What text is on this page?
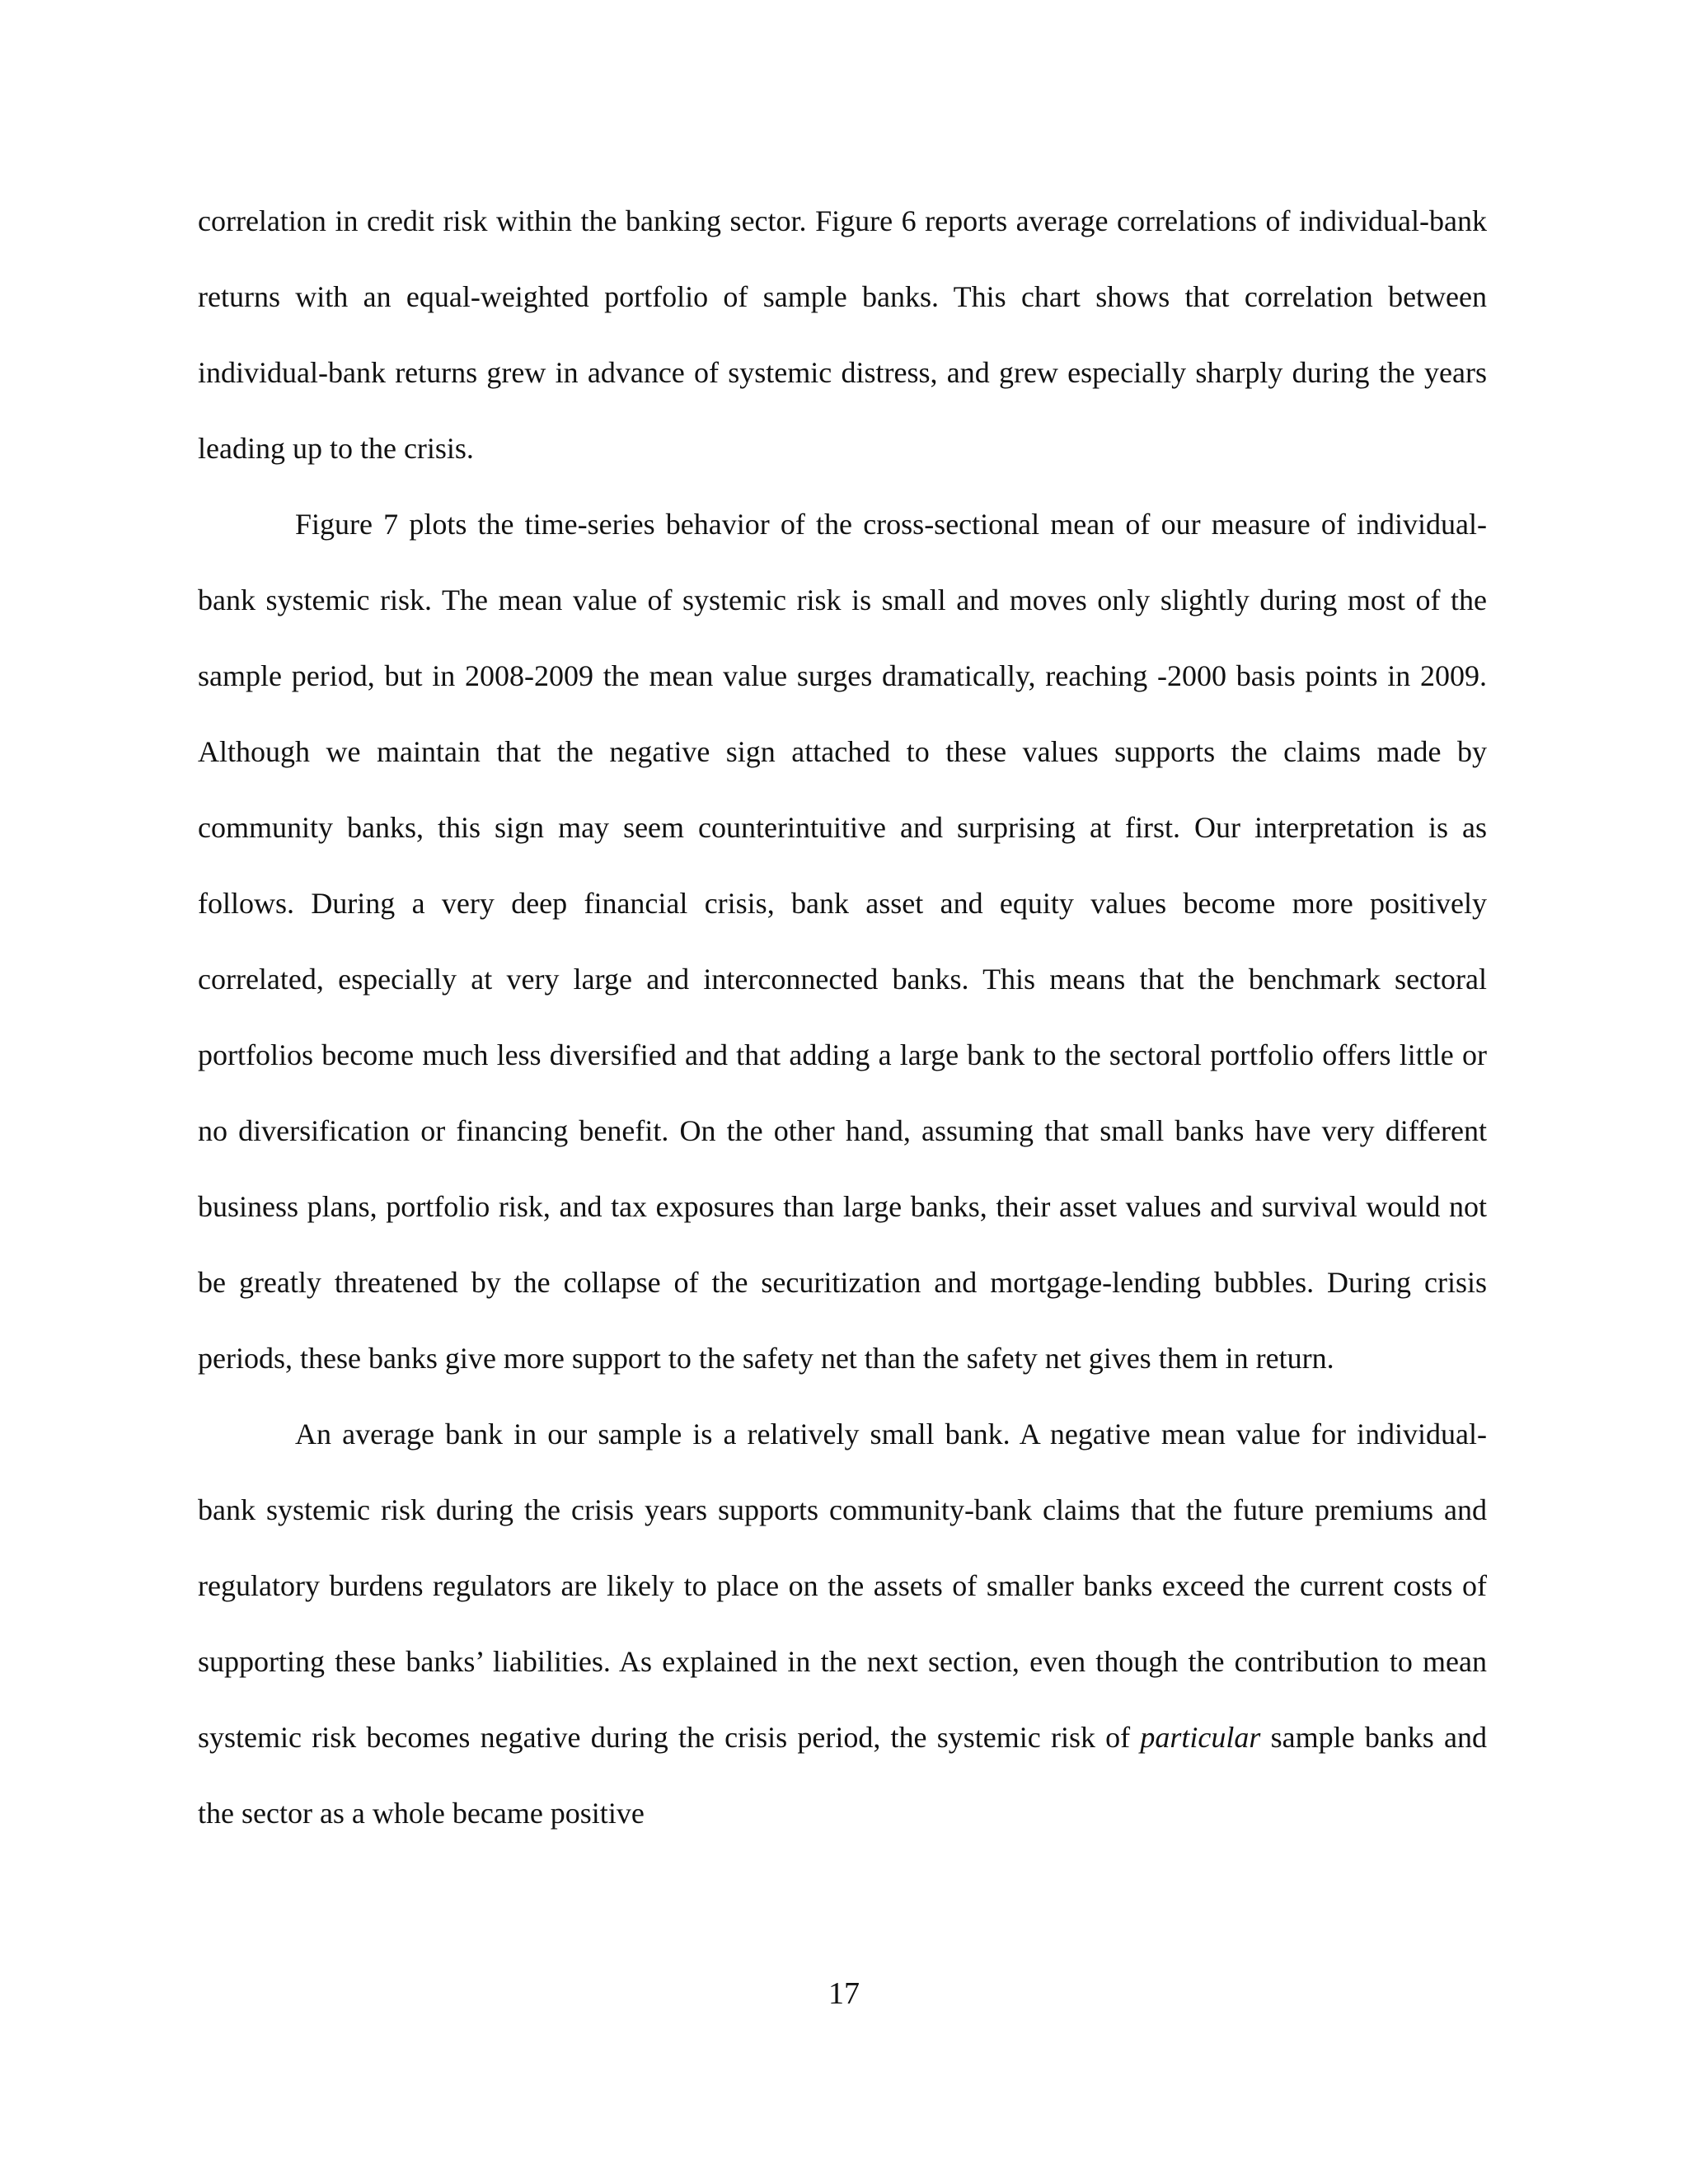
correlation in credit risk within the banking sector. Figure 6 reports average correlations of individual-bank returns with an equal-weighted portfolio of sample banks. This chart shows that correlation between individual-bank returns grew in advance of systemic distress, and grew especially sharply during the years leading up to the crisis.

Figure 7 plots the time-series behavior of the cross-sectional mean of our measure of individual-bank systemic risk. The mean value of systemic risk is small and moves only slightly during most of the sample period, but in 2008-2009 the mean value surges dramatically, reaching -2000 basis points in 2009. Although we maintain that the negative sign attached to these values supports the claims made by community banks, this sign may seem counterintuitive and surprising at first. Our interpretation is as follows. During a very deep financial crisis, bank asset and equity values become more positively correlated, especially at very large and interconnected banks. This means that the benchmark sectoral portfolios become much less diversified and that adding a large bank to the sectoral portfolio offers little or no diversification or financing benefit. On the other hand, assuming that small banks have very different business plans, portfolio risk, and tax exposures than large banks, their asset values and survival would not be greatly threatened by the collapse of the securitization and mortgage-lending bubbles. During crisis periods, these banks give more support to the safety net than the safety net gives them in return.

An average bank in our sample is a relatively small bank. A negative mean value for individual-bank systemic risk during the crisis years supports community-bank claims that the future premiums and regulatory burdens regulators are likely to place on the assets of smaller banks exceed the current costs of supporting these banks’ liabilities. As explained in the next section, even though the contribution to mean systemic risk becomes negative during the crisis period, the systemic risk of particular sample banks and the sector as a whole became positive

17
